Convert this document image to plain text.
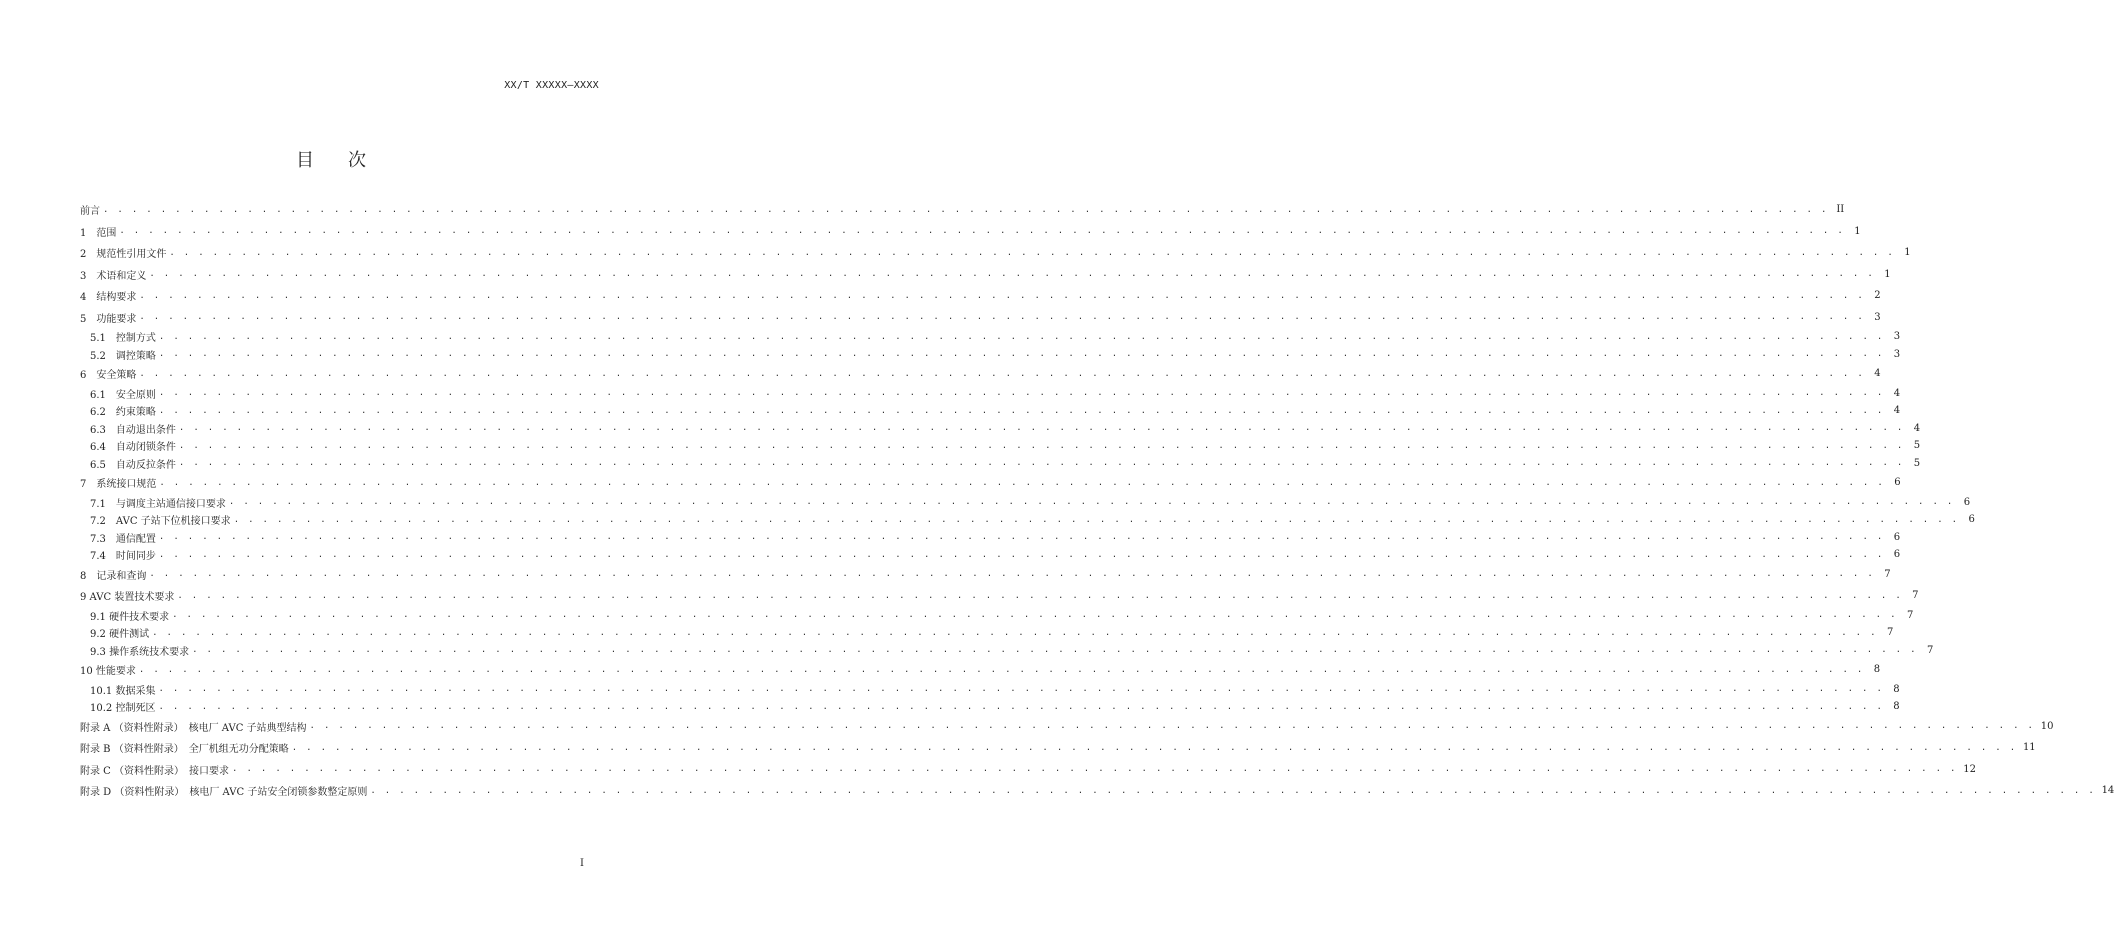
XX/T XXXXX—XXXX
目 次
前言 . . . . . . . . . . . . . . . . . . . . . . . . . . . . . . . . . . . . . . . . . . . . . . . . . . . . . . . . . . . . . . . . . . . . . . . . . . . . . . . . . . . . . . . . . . . . . . . . . . . . . . . . . . . . . . . . . . . . . . . . II
1　范围 . . . . . . . . . . . . . . . . . . . . . . . . . . . . . . . . . . . . . . . . . . . . . . . . . . . . . . . . . . . . . . . . . . . . . . . . . . . . . . . . . . . . . . . . . . . . . . . . . . . . . . . . . . . . . . . . . . . . . . . . 1
2　规范性引用文件 . . . . . . . . . . . . . . . . . . . . . . . . . . . . . . . . . . . . . . . . . . . . . . . . . . . . . . . . . . . . . . . . . . . . . . . . . . . . . . . . . . . . . . . . . . . . . . . . . . . . . . . . . . . . . . . . . . . . . . . . 1
3　术语和定义 . . . . . . . . . . . . . . . . . . . . . . . . . . . . . . . . . . . . . . . . . . . . . . . . . . . . . . . . . . . . . . . . . . . . . . . . . . . . . . . . . . . . . . . . . . . . . . . . . . . . . . . . . . . . . . . . . . . . . . . . 1
4　结构要求 . . . . . . . . . . . . . . . . . . . . . . . . . . . . . . . . . . . . . . . . . . . . . . . . . . . . . . . . . . . . . . . . . . . . . . . . . . . . . . . . . . . . . . . . . . . . . . . . . . . . . . . . . . . . . . . . . . . . . . . . 2
5　功能要求 . . . . . . . . . . . . . . . . . . . . . . . . . . . . . . . . . . . . . . . . . . . . . . . . . . . . . . . . . . . . . . . . . . . . . . . . . . . . . . . . . . . . . . . . . . . . . . . . . . . . . . . . . . . . . . . . . . . . . . . . 3
5.1　控制方式 . . . . . . . . . . . . . . . . . . . . . . . . . . . . . . . . . . . . . . . . . . . . . . . . . . . . . . . . . . . . . . . . . . . . . . . . . . . . . . . . . . . . . . . . . . . . . . . . . . . . . . . . . . . . . . . . . . . . . . . . 3
5.2　调控策略 . . . . . . . . . . . . . . . . . . . . . . . . . . . . . . . . . . . . . . . . . . . . . . . . . . . . . . . . . . . . . . . . . . . . . . . . . . . . . . . . . . . . . . . . . . . . . . . . . . . . . . . . . . . . . . . . . . . . . . . . 3
6　安全策略 . . . . . . . . . . . . . . . . . . . . . . . . . . . . . . . . . . . . . . . . . . . . . . . . . . . . . . . . . . . . . . . . . . . . . . . . . . . . . . . . . . . . . . . . . . . . . . . . . . . . . . . . . . . . . . . . . . . . . . . . 4
6.1　安全原则 . . . . . . . . . . . . . . . . . . . . . . . . . . . . . . . . . . . . . . . . . . . . . . . . . . . . . . . . . . . . . . . . . . . . . . . . . . . . . . . . . . . . . . . . . . . . . . . . . . . . . . . . . . . . . . . . . . . . . . . . 4
6.2　约束策略 . . . . . . . . . . . . . . . . . . . . . . . . . . . . . . . . . . . . . . . . . . . . . . . . . . . . . . . . . . . . . . . . . . . . . . . . . . . . . . . . . . . . . . . . . . . . . . . . . . . . . . . . . . . . . . . . . . . . . . . . 4
6.3　自动退出条件 . . . . . . . . . . . . . . . . . . . . . . . . . . . . . . . . . . . . . . . . . . . . . . . . . . . . . . . . . . . . . . . . . . . . . . . . . . . . . . . . . . . . . . . . . . . . . . . . . . . . . . . . . . . . . . . . . . . . . . . . 4
6.4　自动闭锁条件 . . . . . . . . . . . . . . . . . . . . . . . . . . . . . . . . . . . . . . . . . . . . . . . . . . . . . . . . . . . . . . . . . . . . . . . . . . . . . . . . . . . . . . . . . . . . . . . . . . . . . . . . . . . . . . . . . . . . . . . . 5
6.5　自动反拉条件 . . . . . . . . . . . . . . . . . . . . . . . . . . . . . . . . . . . . . . . . . . . . . . . . . . . . . . . . . . . . . . . . . . . . . . . . . . . . . . . . . . . . . . . . . . . . . . . . . . . . . . . . . . . . . . . . . . . . . . . . 5
7　系统接口规范 . . . . . . . . . . . . . . . . . . . . . . . . . . . . . . . . . . . . . . . . . . . . . . . . . . . . . . . . . . . . . . . . . . . . . . . . . . . . . . . . . . . . . . . . . . . . . . . . . . . . . . . . . . . . . . . . . . . . . . . . 6
7.1　与调度主站通信接口要求 . . . . . . . . . . . . . . . . . . . . . . . . . . . . . . . . . . . . . . . . . . . . . . . . . . . . . . . . . . . . . . . . . . . . . . . . . . . . . . . . . . . . . . . . . . . . . . . . . . . . . . . . . . . . . . . . . . . . . . . . 6
7.2　AVC 子站下位机接口要求 . . . . . . . . . . . . . . . . . . . . . . . . . . . . . . . . . . . . . . . . . . . . . . . . . . . . . . . . . . . . . . . . . . . . . . . . . . . . . . . . . . . . . . . . . . . . . . . . . . . . . . . . . . . . . . . . . . . . . . . . 6
7.3　通信配置 . . . . . . . . . . . . . . . . . . . . . . . . . . . . . . . . . . . . . . . . . . . . . . . . . . . . . . . . . . . . . . . . . . . . . . . . . . . . . . . . . . . . . . . . . . . . . . . . . . . . . . . . . . . . . . . . . . . . . . . . 6
7.4　时间同步 . . . . . . . . . . . . . . . . . . . . . . . . . . . . . . . . . . . . . . . . . . . . . . . . . . . . . . . . . . . . . . . . . . . . . . . . . . . . . . . . . . . . . . . . . . . . . . . . . . . . . . . . . . . . . . . . . . . . . . . . 6
8　记录和查询 . . . . . . . . . . . . . . . . . . . . . . . . . . . . . . . . . . . . . . . . . . . . . . . . . . . . . . . . . . . . . . . . . . . . . . . . . . . . . . . . . . . . . . . . . . . . . . . . . . . . . . . . . . . . . . . . . . . . . . . . 7
9 AVC 装置技术要求 . . . . . . . . . . . . . . . . . . . . . . . . . . . . . . . . . . . . . . . . . . . . . . . . . . . . . . . . . . . . . . . . . . . . . . . . . . . . . . . . . . . . . . . . . . . . . . . . . . . . . . . . . . . . . . . . . . . . . . . . 7
9.1 硬件技术要求 . . . . . . . . . . . . . . . . . . . . . . . . . . . . . . . . . . . . . . . . . . . . . . . . . . . . . . . . . . . . . . . . . . . . . . . . . . . . . . . . . . . . . . . . . . . . . . . . . . . . . . . . . . . . . . . . . . . . . . . . 7
9.2 硬件测试 . . . . . . . . . . . . . . . . . . . . . . . . . . . . . . . . . . . . . . . . . . . . . . . . . . . . . . . . . . . . . . . . . . . . . . . . . . . . . . . . . . . . . . . . . . . . . . . . . . . . . . . . . . . . . . . . . . . . . . . . 7
9.3 操作系统技术要求 . . . . . . . . . . . . . . . . . . . . . . . . . . . . . . . . . . . . . . . . . . . . . . . . . . . . . . . . . . . . . . . . . . . . . . . . . . . . . . . . . . . . . . . . . . . . . . . . . . . . . . . . . . . . . . . . . . . . . . . . 7
10 性能要求 . . . . . . . . . . . . . . . . . . . . . . . . . . . . . . . . . . . . . . . . . . . . . . . . . . . . . . . . . . . . . . . . . . . . . . . . . . . . . . . . . . . . . . . . . . . . . . . . . . . . . . . . . . . . . . . . . . . . . . . . 8
10.1 数据采集 . . . . . . . . . . . . . . . . . . . . . . . . . . . . . . . . . . . . . . . . . . . . . . . . . . . . . . . . . . . . . . . . . . . . . . . . . . . . . . . . . . . . . . . . . . . . . . . . . . . . . . . . . . . . . . . . . . . . . . . . 8
10.2 控制死区 . . . . . . . . . . . . . . . . . . . . . . . . . . . . . . . . . . . . . . . . . . . . . . . . . . . . . . . . . . . . . . . . . . . . . . . . . . . . . . . . . . . . . . . . . . . . . . . . . . . . . . . . . . . . . . . . . . . . . . . . 8
附录 A （资料性附录）　核电厂 AVC 子站典型结构 . . . . . . . . . . . . . . . . . . . . . . . . . . . . . . . . . . . . . . . . . . . . . . . . . . . . . . . . . . . . . . . . . . . . . . . . . . . . . . . . . . . . . . . . . . . . . . . . . . . . . . . . . . . . . . . . . . . . . . . . 10
附录 B （资料性附录）　全厂机组无功分配策略 . . . . . . . . . . . . . . . . . . . . . . . . . . . . . . . . . . . . . . . . . . . . . . . . . . . . . . . . . . . . . . . . . . . . . . . . . . . . . . . . . . . . . . . . . . . . . . . . . . . . . . . . . . . . . . . . . . . . . . . . 11
附录 C （资料性附录）　接口要求 . . . . . . . . . . . . . . . . . . . . . . . . . . . . . . . . . . . . . . . . . . . . . . . . . . . . . . . . . . . . . . . . . . . . . . . . . . . . . . . . . . . . . . . . . . . . . . . . . . . . . . . . . . . . . . . . . . . . . . . . 12
附录 D （资料性附录）　核电厂 AVC 子站安全闭锁参数整定原则 . . . . . . . . . . . . . . . . . . . . . . . . . . . . . . . . . . . . . . . . . . . . . . . . . . . . . . . . . . . . . . . . . . . . . . . . . . . . . . . . . . . . . . . . . . . . . . . . . . . . . . . . . . . . . . . . . . . . . . . . 14
I
